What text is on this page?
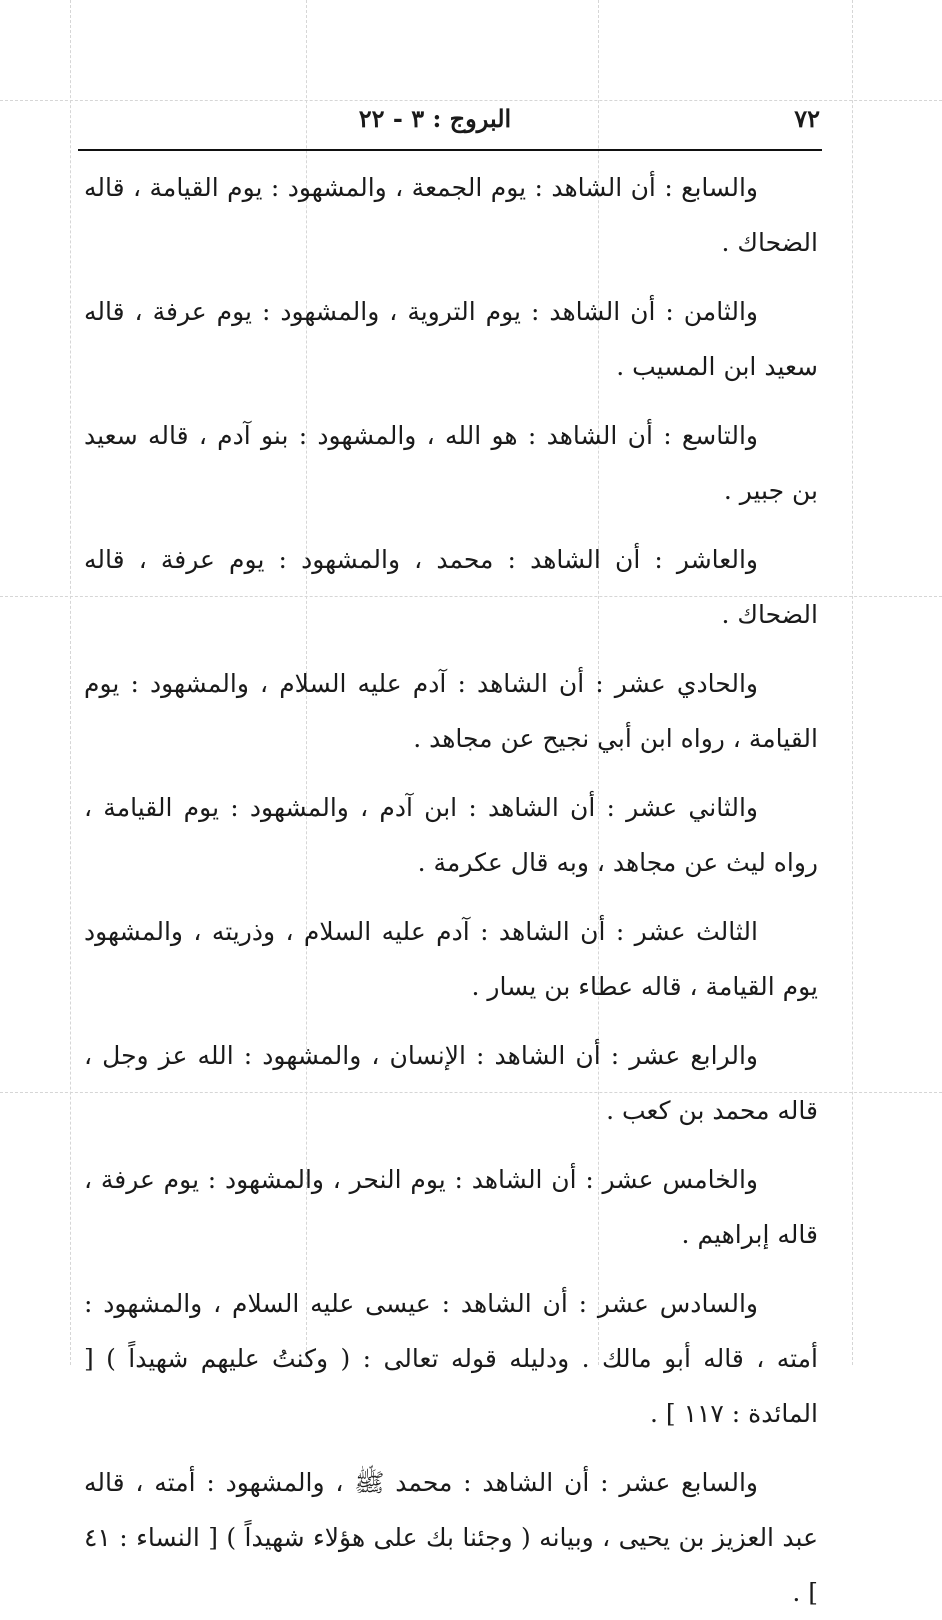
٧٢
البروج : ٣ - ٢٢

والسابع : أن الشاهد : يوم الجمعة ، والمشهود : يوم القيامة ، قاله الضحاك .

والثامن : أن الشاهد : يوم التروية ، والمشهود : يوم عرفة ، قاله سعيد ابن المسيب .

والتاسع : أن الشاهد : هو الله ، والمشهود : بنو آدم ، قاله سعيد بن جبير .

والعاشر : أن الشاهد : محمد ، والمشهود : يوم عرفة ، قاله الضحاك .

والحادي عشر : أن الشاهد : آدم عليه السلام ، والمشهود : يوم القيامة ، رواه ابن أبي نجيح عن مجاهد .

والثاني عشر : أن الشاهد : ابن آدم ، والمشهود : يوم القيامة ، رواه ليث عن مجاهد ، وبه قال عكرمة .

الثالث عشر : أن الشاهد : آدم عليه السلام ، وذريته ، والمشهود يوم القيامة ، قاله عطاء بن يسار .

والرابع عشر : أن الشاهد : الإنسان ، والمشهود : الله عز وجل ، قاله محمد بن كعب .

والخامس عشر : أن الشاهد : يوم النحر ، والمشهود : يوم عرفة ، قاله إبراهيم .

والسادس عشر : أن الشاهد : عيسى عليه السلام ، والمشهود : أمته ، قاله أبو مالك . ودليله قوله تعالى : ( وكنتُ عليهم شهيداً ) [ المائدة : ١١٧ ] .

والسابع عشر : أن الشاهد : محمد ﷺ ، والمشهود : أمته ، قاله عبد العزيز بن يحيى ، وبيانه ( وجئنا بك على هؤلاء شهيداً ) [ النساء : ٤١ ] .
